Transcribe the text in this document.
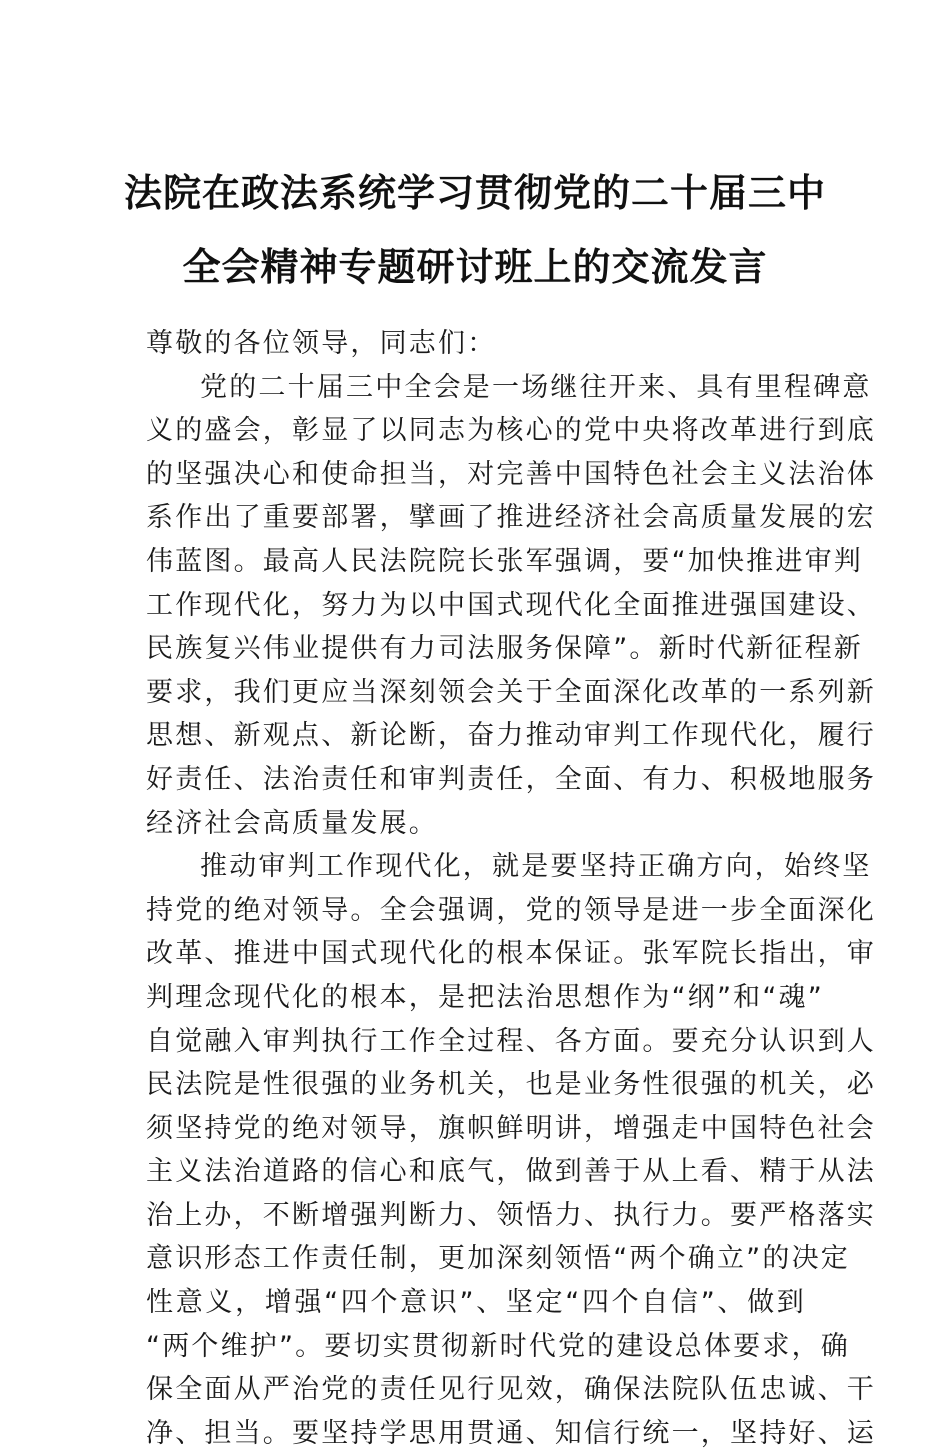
法院在政法系统学习贯彻党的二十届三中
全会精神专题研讨班上的交流发言

尊敬的各位领导，同志们：

党的二十届三中全会是一场继往开来、具有里程碑意
义的盛会，彰显了以同志为核心的党中央将改革进行到底
的坚强决心和使命担当，对完善中国特色社会主义法治体
系作出了重要部署，擘画了推进经济社会高质量发展的宏
伟蓝图。最高人民法院院长张军强调，要“加快推进审判
工作现代化，努力为以中国式现代化全面推进强国建设、
民族复兴伟业提供有力司法服务保障”。新时代新征程新
要求，我们更应当深刻领会关于全面深化改革的一系列新
思想、新观点、新论断，奋力推动审判工作现代化，履行
好责任、法治责任和审判责任，全面、有力、积极地服务
经济社会高质量发展。
推动审判工作现代化，就是要坚持正确方向，始终坚
持党的绝对领导。全会强调，党的领导是进一步全面深化
改革、推进中国式现代化的根本保证。张军院长指出，审
判理念现代化的根本，是把法治思想作为“纲”和“魂”
自觉融入审判执行工作全过程、各方面。要充分认识到人
民法院是性很强的业务机关，也是业务性很强的机关，必
须坚持党的绝对领导，旗帜鲜明讲，增强走中国特色社会
主义法治道路的信心和底气，做到善于从上看、精于从法
治上办，不断增强判断力、领悟力、执行力。要严格落实
意识形态工作责任制，更加深刻领悟“两个确立”的决定
性意义，增强“四个意识”、坚定“四个自信”、做到
“两个维护”。要切实贯彻新时代党的建设总体要求，确
保全面从严治党的责任见行见效，确保法院队伍忠诚、干
净、担当。要坚持学思用贯通、知信行统一，坚持好、运
